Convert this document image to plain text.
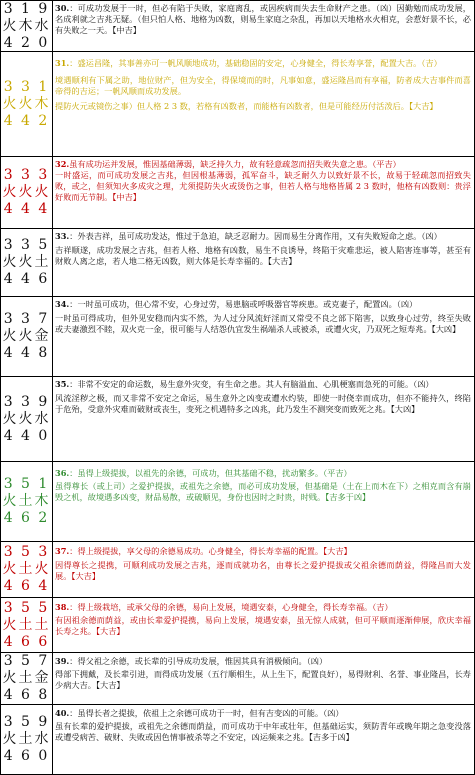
3 1 9
火木水
4 2 0

30.：可成功发展于一时，但必有陷于失败，家庭离乱，或因疾病而失去生命财产之患。（凶）因勤勉而成功发展，名成利就之吉兆无疑。（但只怕人格、地格为凶数，则易生家庭之杂乱，再加以天地格水火相克，会惹好景不长，必有失败之一天。【中吉】

3 3 1
火火木
4 4 2

31.：盛运昌隆，其事善亦可一帆风顺地成功，基础稳固的安定，心身健全，得长寿享誉，配置大吉。（吉）

境遇顺利有下属之助，地位财产，但为安全，得保境而的时，凡事如意，盛运隆昌而有享福，防者成大吉事件而喜帝得的吉运；一帆风顺而成功发展。

提防火元或镜伤之事）但人格 2 3 数，若格有凶数者，而能格有凶数者，但是可能经历付活泼后。【大吉】

3 3 3
火火火
4 4 4

32.虽有成功运并发展，惟因基础薄弱，缺乏持久力，故有轻意疏忽而招失败失意之患。（平吉）

一时盛运，而可成功发展之吉兆，但因根基薄弱，孤军奋斗，缺乏耐久力以致好景不长，故易于轻疏忽而招致失败，或之，但须知火多成灾之理，尤须提防失火或烫伤之事，但若人格与地格皆属 2 3 数时，他格有凶数则：贵浮好败而无节制。【中吉】

3 3 5
火火土
4 4 6

33.：外表吉祥，虽可成功发达，惟过于急迫，缺乏忍耐力。因而易生分离作用，又有失败短命之虑。（凶）

吉祥顺遂，成功发展之吉兆，但若人格、地格有凶数，易生不良诱导，终陷于灾难悲运，被人陷害连事等，甚至有财败人离之虑，若人地二格无凶数，则大体是长寿幸福的。【大吉】

3 3 7
火火金
4 4 8

34.：一时虽可成功，但心常不安，心身过劳，易患脑或呼吸器官等疾患。或克妻子，配置凶。（凶）

一时虽可得成功，但外见安稳而内实不然，为人过分风流好淫而又常受不良之部下陷害，以致身心过劳，终至失败或夫妻激烈不睦，双火克一金，很可能与人结怨仇宜发生祸端杀人或被杀，或遭火灾，乃双死之短寿兆。【大凶】

3 3 9
火火水
4 4 0

35.：非常不安定的命运数，易生意外灾变，有生命之患。其人有脑溢血、心肌梗塞而急死的可能。（凶）

风流淫秽之极，而又非常不安定之命运，易生意外之凶变或遭水灼装，即使一时侥幸而成功，但亦不能持久，终陷于危殆，受意外灾难而破财或丧生，变死之机遇特多之凶兆，此乃发生不测突变而致死之兆。【大凶】

3 5 1
火土木
4 6 2

36.：虽得上级提拔，以祖先的余德，可成功，但其基础不稳，扰动繁多。（平吉）

虽得尊长（或上司）之爱护提拔，或祖先之余德，而必可成功发展，但基础是（土在上而木在下）之相克而含有崩毁之机，故境遇多凶变，财品易散，或破顺见，身份也因时之时贵，时贱。【吉多于凶】

3 5 3
火土火
4 6 4

37.：得上级提拔，享父母的余德易成功。心身健全，得长寿幸福的配置。【大吉】

因得尊长之提携，可顺利成功发展之吉兆，逐而成就功名，由尊长之爱护提拔或父祖余德而荫益，得隆昌而大发展。【大吉】

3 5 5
火土土
4 6 6

38.：得上级栽培，或承父母的余德，易向上发展，境遇安泰，心身健全，得长寿幸福。（吉）

有因祖余德而荫益，或由长辈爱护提携，易向上发展，境遇安泰，虽无惊人成就，但可平顺而逐渐伸展，欣庆幸福长寿之兆。【大吉】

3 5 7
火土金
4 6 8

39.：得父祖之余德，或长辈的引导成功发展，惟因其具有消极倾向。（凶）

得部下拥戴，及长辈引进，而得成功发展（五行顺相生，从上生下，配置良好），易得财利、名誉、事业隆昌，长寿少病大吉。【大吉】

3 5 9
火土水
4 6 0

40.：虽得长者之提拔，依祖上之余德可成功于一时，但有吉变凶的可能。（凶）

虽有长辈的爱护提拔，或祖先之余德而荫益，而可成功于中年或壮年，但基础运实，须防青年或晚年期之急变没落或遭受病苦、破财、失败或因色情事被杀等之不安定，凶运频来之兆。【吉多于凶】
